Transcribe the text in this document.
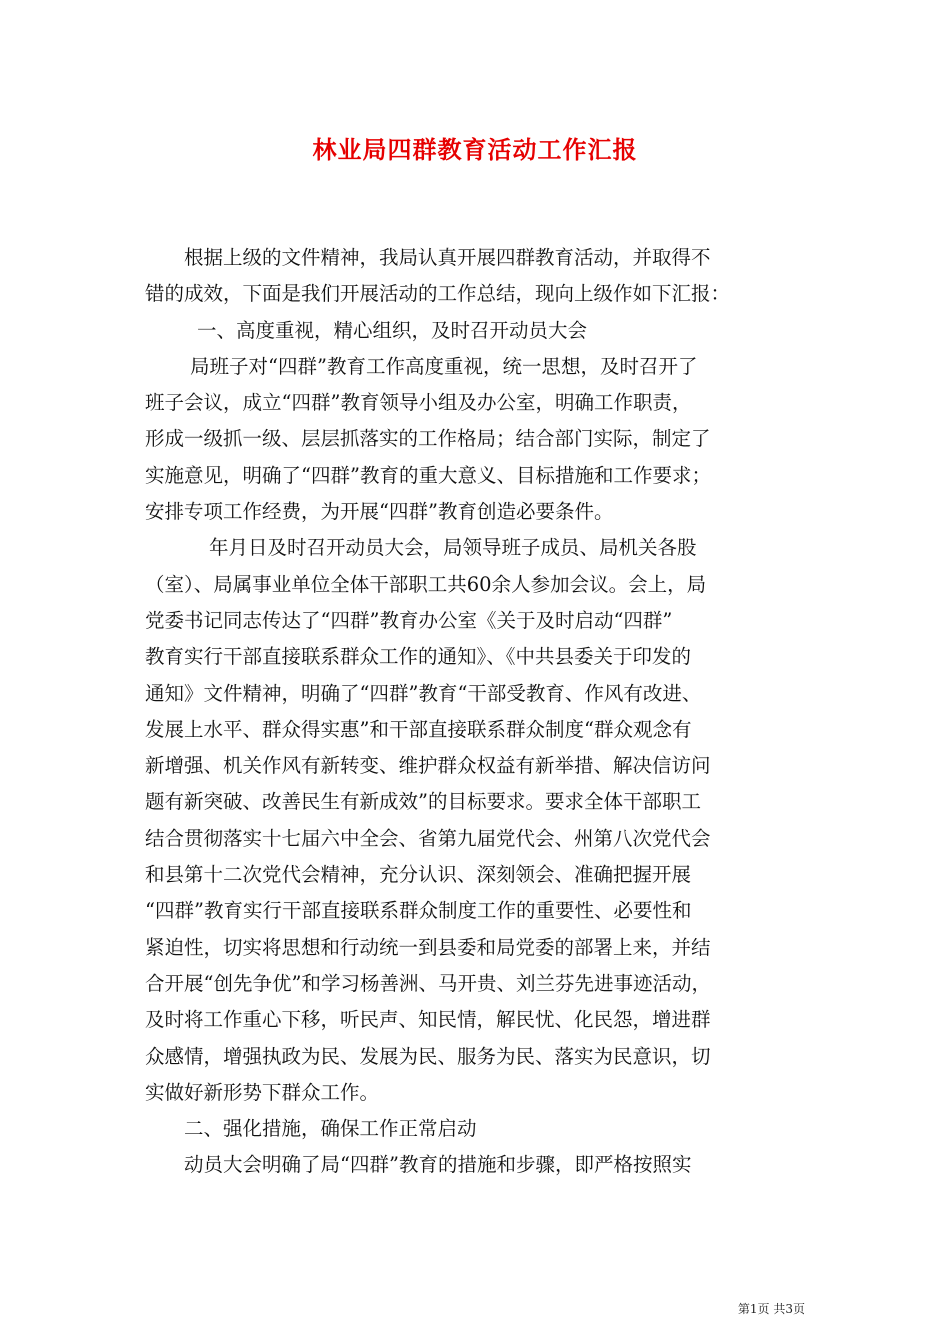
林业局四群教育活动工作汇报
根据上级的文件精神，我局认真开展四群教育活动，并取得不
错的成效，下面是我们开展活动的工作总结，现向上级作如下汇报：
一、高度重视，精心组织，及时召开动员大会
局班子对“四群”教育工作高度重视，统一思想，及时召开了
班子会议，成立“四群”教育领导小组及办公室，明确工作职责，
形成一级抓一级、层层抓落实的工作格局；结合部门实际，制定了
实施意见，明确了“四群”教育的重大意义、目标措施和工作要求；
安排专项工作经费，为开展“四群”教育创造必要条件。
年月日及时召开动员大会，局领导班子成员、局机关各股
（室）、局属事业单位全体干部职工共60余人参加会议。会上，局
党委书记同志传达了“四群”教育办公室《关于及时启动“四群”
教育实行干部直接联系群众工作的通知》、《中共县委关于印发的
通知》文件精神，明确了“四群”教育“干部受教育、作风有改进、
发展上水平、群众得实惠”和干部直接联系群众制度“群众观念有
新增强、机关作风有新转变、维护群众权益有新举措、解决信访问
题有新突破、改善民生有新成效”的目标要求。要求全体干部职工
结合贯彻落实十七届六中全会、省第九届党代会、州第八次党代会
和县第十二次党代会精神，充分认识、深刻领会、准确把握开展
“四群”教育实行干部直接联系群众制度工作的重要性、必要性和
紧迫性，切实将思想和行动统一到县委和局党委的部署上来，并结
合开展“创先争优”和学习杨善洲、马开贵、刘兰芬先进事迹活动，
及时将工作重心下移，听民声、知民情，解民忧、化民怨，增进群
众感情，增强执政为民、发展为民、服务为民、落实为民意识，切
实做好新形势下群众工作。
二、强化措施，确保工作正常启动
动员大会明确了局“四群”教育的措施和步骤，即严格按照实
第1页 共3页
